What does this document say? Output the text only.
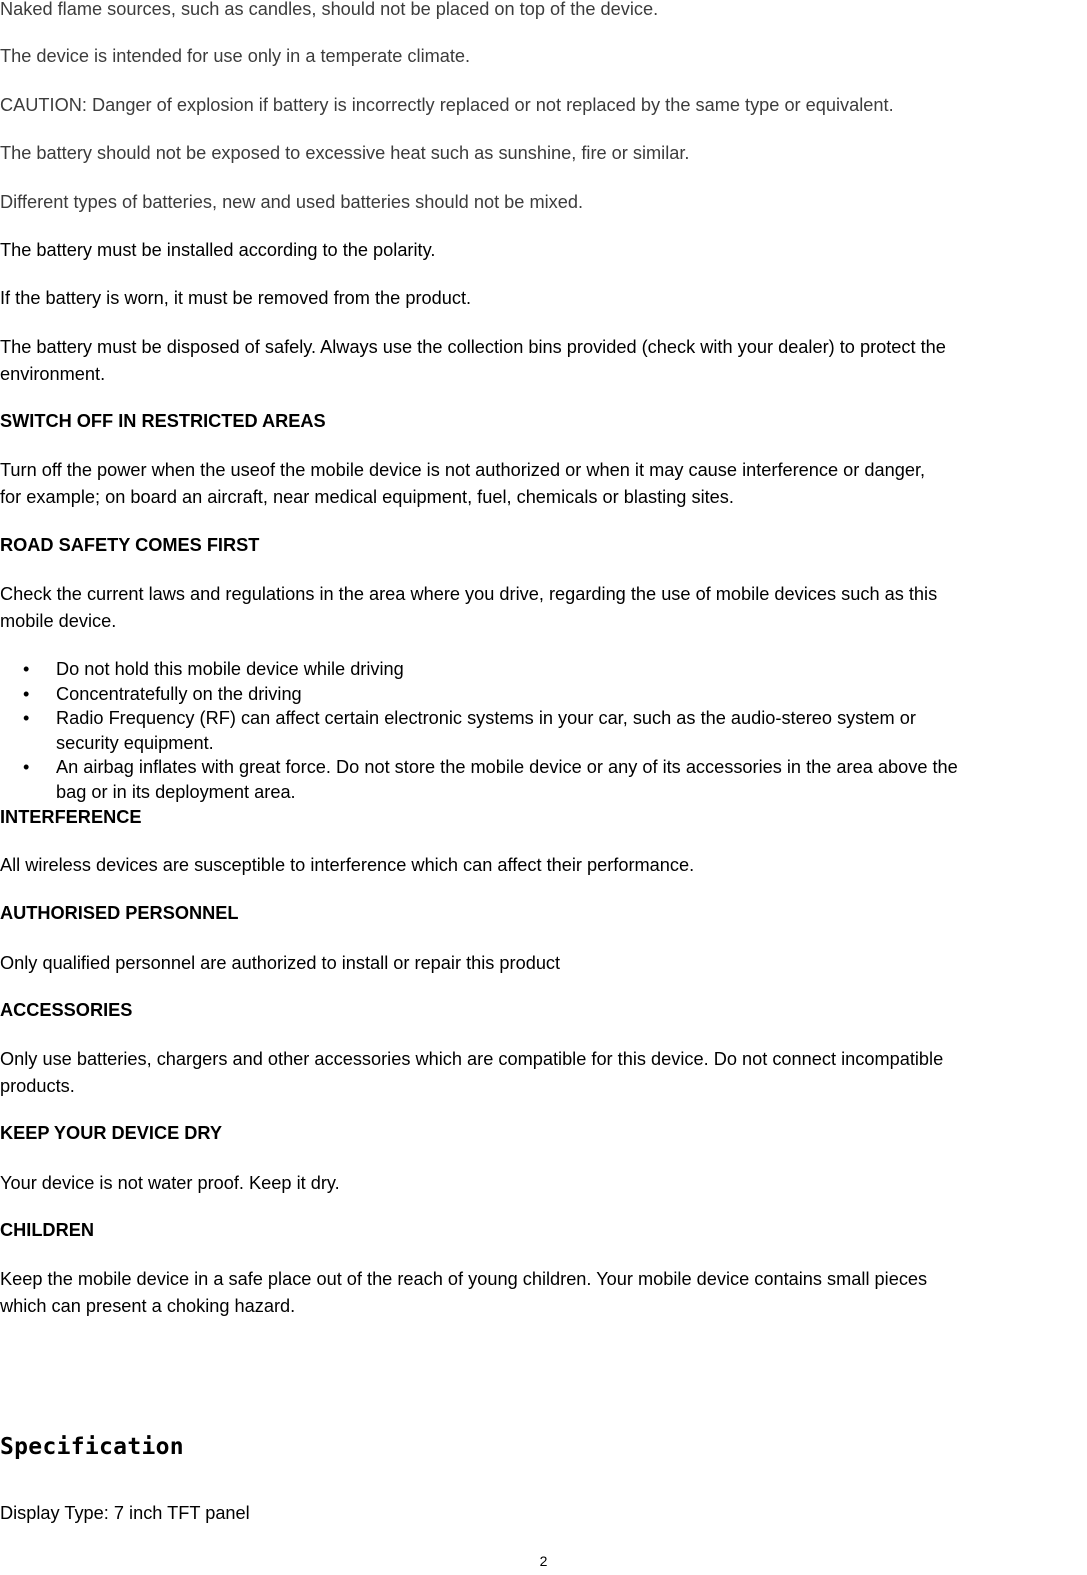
Naked flame sources, such as candles, should not be placed on top of the device.

The device is intended for use only in a temperate climate.

CAUTION: Danger of explosion if battery is incorrectly replaced or not replaced by the same type or equivalent.

The battery should not be exposed to excessive heat such as sunshine, fire or similar.

Different types of batteries, new and used batteries should not be mixed.

The battery must be installed according to the polarity.

If the battery is worn, it must be removed from the product.

The battery must be disposed of safely. Always use the collection bins provided (check with your dealer) to protect the

environment.

SWITCH OFF IN RESTRICTED AREAS

Turn off the power when the useof the mobile device is not authorized or when it may cause interference or danger,

for example; on board an aircraft, near medical equipment, fuel, chemicals or blasting sites.

ROAD SAFETY COMES FIRST

Check the current laws and regulations in the area where you drive, regarding the use of mobile devices such as this

mobile device.

• Do not hold this mobile device while driving
• Concentratefully on the driving
• Radio Frequency (RF) can affect certain electronic systems in your car, such as the audio-stereo system or
security equipment.
• An airbag inflates with great force. Do not store the mobile device or any of its accessories in the area above the
bag or in its deployment area.
INTERFERENCE

All wireless devices are susceptible to interference which can affect their performance.

AUTHORISED PERSONNEL

Only qualified personnel are authorized to install or repair this product

ACCESSORIES

Only use batteries, chargers and other accessories which are compatible for this device. Do not connect incompatible

products.

KEEP YOUR DEVICE DRY

Your device is not water proof. Keep it dry.

CHILDREN

Keep the mobile device in a safe place out of the reach of young children. Your mobile device contains small pieces

which can present a choking hazard.

Specification

Display Type: 7 inch TFT panel

2
